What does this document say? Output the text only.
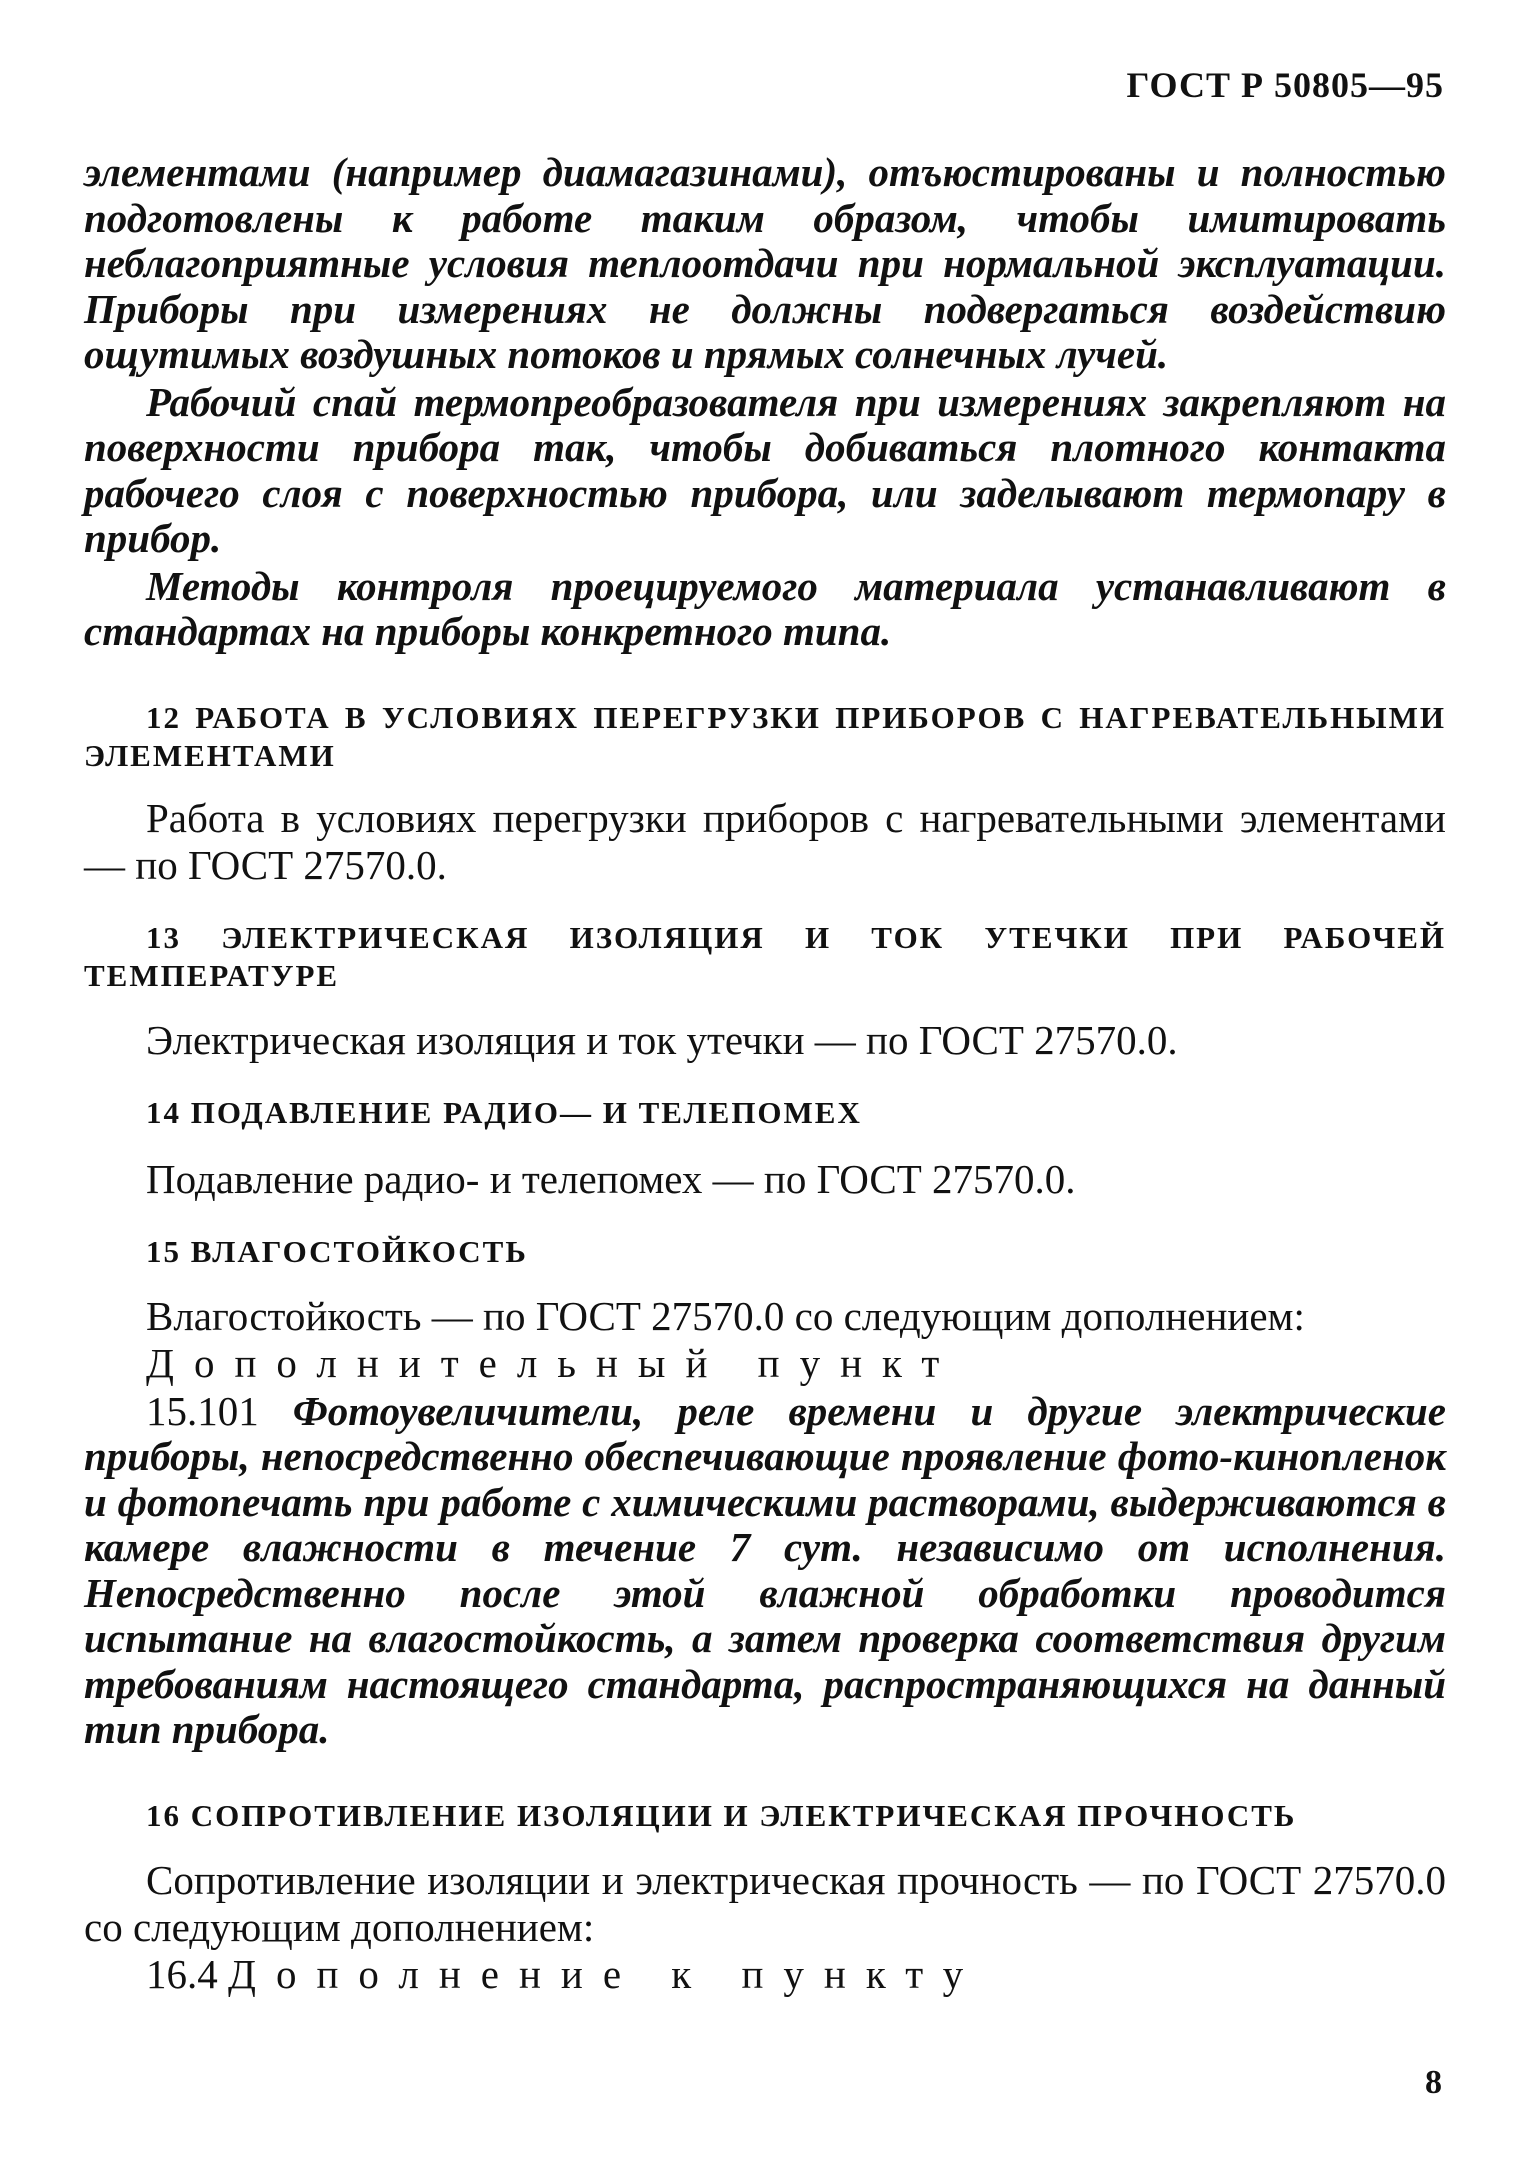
ГОСТ Р 50805—95

элементами (например диамагазинами), отъюстированы и полностью подготовлены к работе таким образом, чтобы имитировать неблагоприятные условия теплоотдачи при нормальной эксплуатации. Приборы при измерениях не должны подвергаться воздействию ощутимых воздушных потоков и прямых солнечных лучей.

Рабочий спай термопреобразователя при измерениях закрепляют на поверхности прибора так, чтобы добиваться плотного контакта рабочего слоя с поверхностью прибора, или заделывают термопару в прибор.

Методы контроля проецируемого материала устанавливают в стандартах на приборы конкретного типа.

12 РАБОТА В УСЛОВИЯХ ПЕРЕГРУЗКИ ПРИБОРОВ С НАГРЕВАТЕЛЬНЫМИ ЭЛЕМЕНТАМИ

Работа в условиях перегрузки приборов с нагревательными элементами — по ГОСТ 27570.0.

13 ЭЛЕКТРИЧЕСКАЯ ИЗОЛЯЦИЯ И ТОК УТЕЧКИ ПРИ РАБОЧЕЙ ТЕМПЕРАТУРЕ

Электрическая изоляция и ток утечки — по ГОСТ 27570.0.

14 ПОДАВЛЕНИЕ РАДИО— И ТЕЛЕПОМЕХ

Подавление радио- и телепомех — по ГОСТ 27570.0.

15 ВЛАГОСТОЙКОСТЬ

Влагостойкость — по ГОСТ 27570.0 со следующим дополнением:

Дополнительный пункт

15.101 Фотоувеличители, реле времени и другие электрические приборы, непосредственно обеспечивающие проявление фото-кинопленок и фотопечать при работе с химическими растворами, выдерживаются в камере влажности в течение 7 сут. независимо от исполнения. Непосредственно после этой влажной обработки проводится испытание на влагостойкость, а затем проверка соответствия другим требованиям настоящего стандарта, распространяющихся на данный тип прибора.

16 СОПРОТИВЛЕНИЕ ИЗОЛЯЦИИ И ЭЛЕКТРИЧЕСКАЯ ПРОЧНОСТЬ

Сопротивление изоляции и электрическая прочность — по ГОСТ 27570.0 со следующим дополнением:

16.4 Дополнение к пункту

8
